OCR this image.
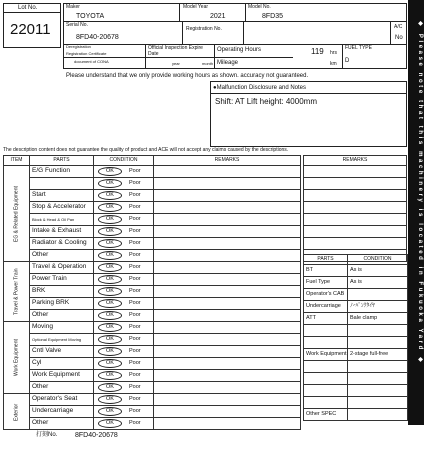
Lot No.
22011
Maker
TOYOTA
Model Year
2021
Model No.
8FD35
Serial No.
8FD40-20678
Registration No.	A/C
No
Deregistration
Registration Certificate
document of CONA
Official Inspection Expire Date
year	month
Operating Hours	119 hrs
Mileage	km
FUEL TYPE
D
Please understand that we only provide working hours as shown. accuracy not guaranteed.
●Malfunction Disclosure and Notes
Shift: AT Lift height: 4000mm
The description content does not guarantee the quality of product and ACE will not accept any claims caused by the descriptions.
ITEM	PARTS	CONDITION	REMARKS
EG & Related Equipment	E/G Function	OK Poor	
		OK Poor	
	Start	OK Poor	
	Stop & Accelerator	OK Poor	
	Block & Head & Oil Pan	OK Poor	
	Intake & Exhaust	OK Poor	
	Radiator & Cooling	OK Poor	
	Other	OK Poor	
Travel & Power Train	Travel & Operation	OK Poor	
	Power Train	OK Poor	
	BRK	OK Poor	
	Parking BRK	OK Poor	
	Other	OK Poor	
Work Equipment	Moving	OK Poor	
	Optional Equipment Moving	OK Poor	
	Cntl Valve	OK Poor	
	Cyl	OK Poor	
	Work Equipment	OK Poor	
	Other	OK Poor	
Exterior	Operator's Seat	OK Poor	
	Undercarriage	OK Poor	
	Other	OK Poor	
REMARKS

PARTS	CONDITION
BT	As is
Fuel Type	As is
Operator's CAB	
Undercarriage	ﾉｰﾊﾟﾝｸﾀｲﾔ
ATT	Bale clamp

Work Equipment	2-stage full-free

Other SPEC	
打刻No.	8FD40-20678
◆ Please note that this machinery is located in Fukuoka Yard ◆
